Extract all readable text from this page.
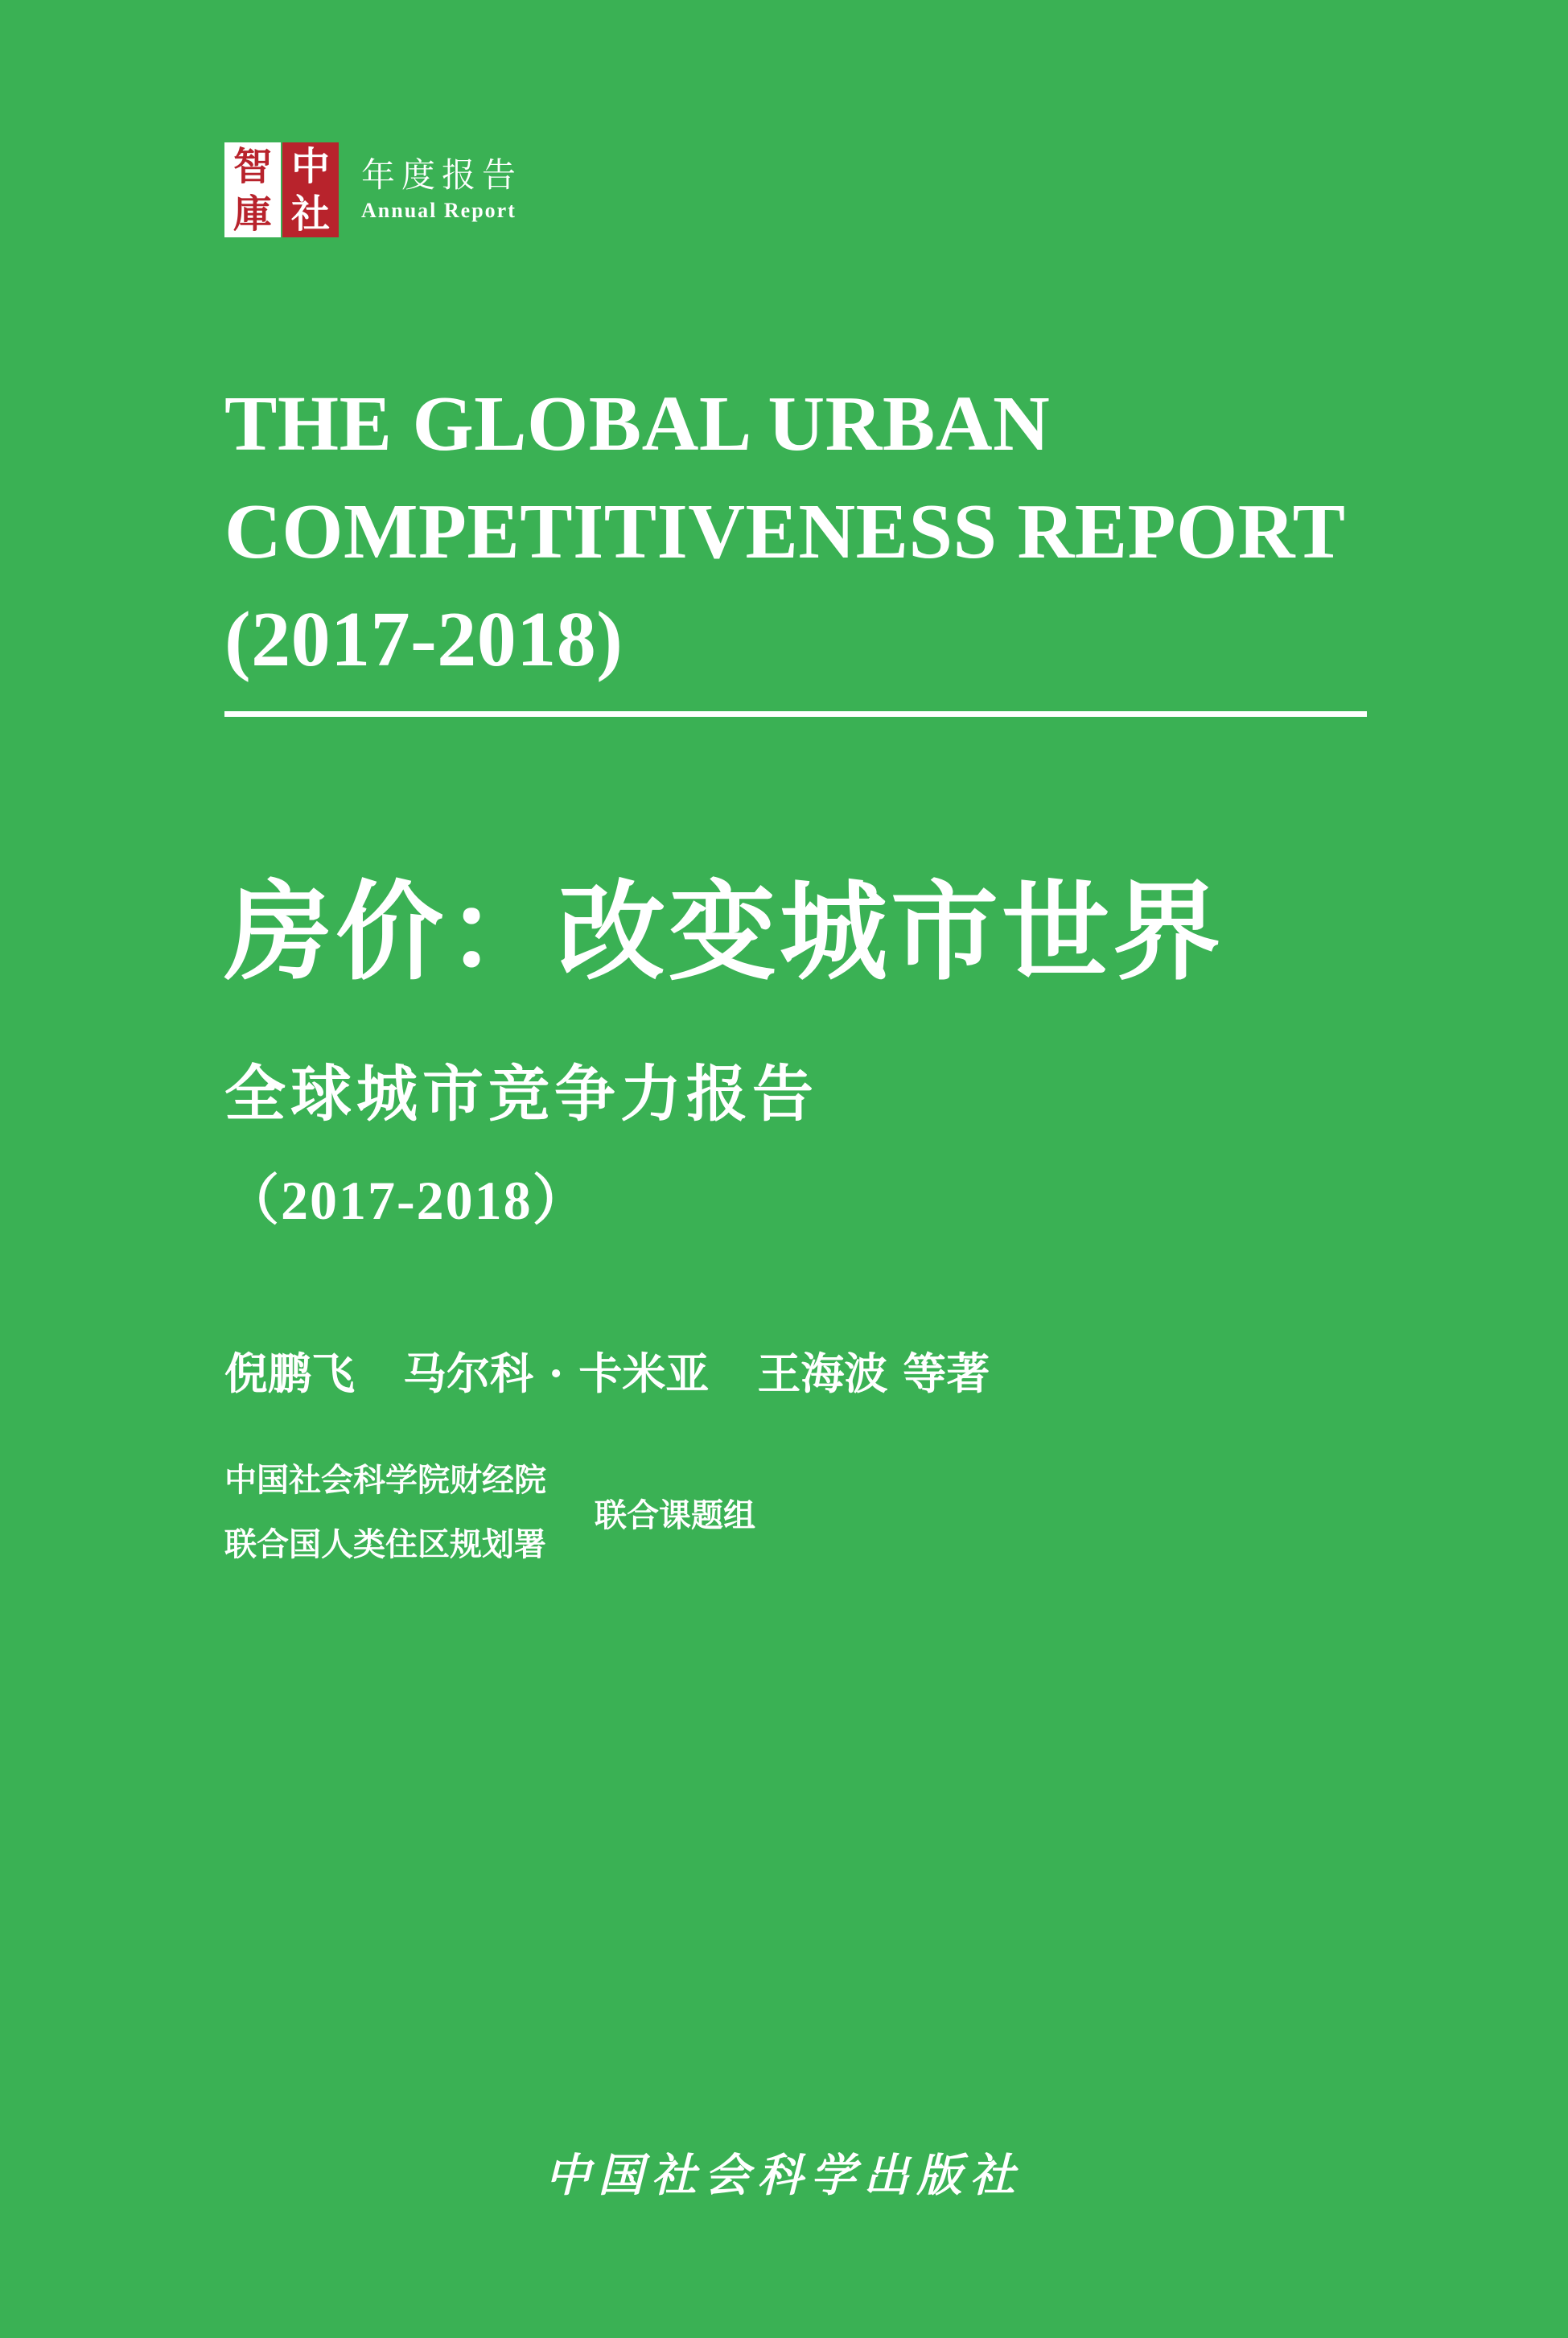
智
庫
中
社
年度报告
Annual Report
THE GLOBAL URBAN
COMPETITIVENESS REPORT
(2017-2018)
房价：改变城市世界
全球城市竞争力报告
（2017-2018）
倪鹏飞 马尔科 · 卡米亚 王海波 等著
中国社会科学院财经院
联合国人类住区规划署
联合课题组
中国社会科学出版社
